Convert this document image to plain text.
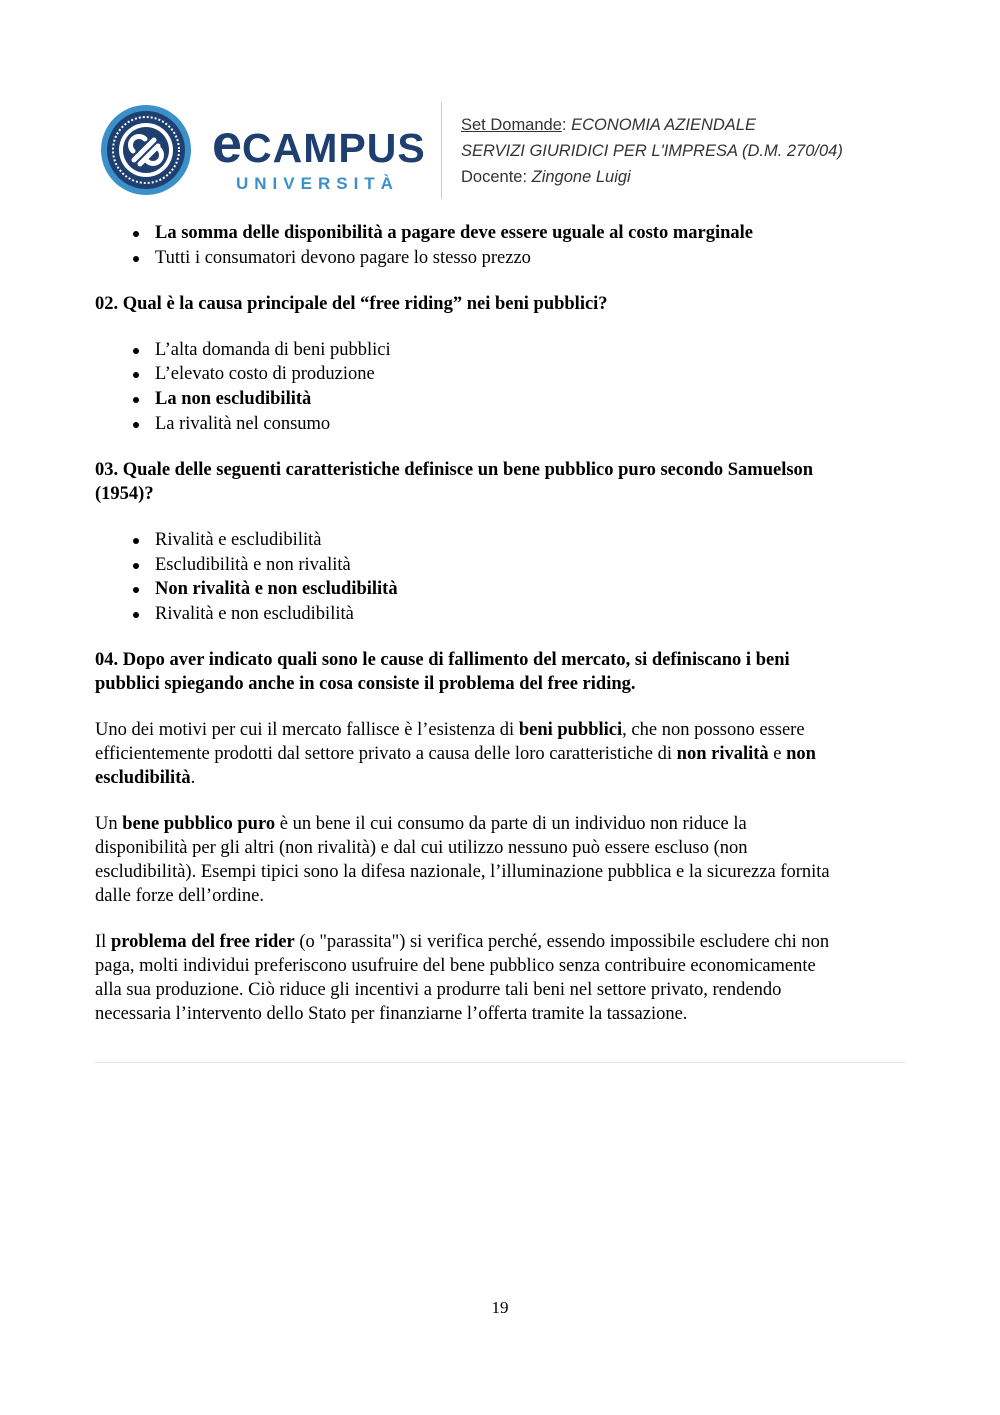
eCAMPUS
UNIVERSITÀ
Set Domande: ECONOMIA AZIENDALE
SERVIZI GIURIDICI PER L'IMPRESA (D.M. 270/04)
Docente: Zingone Luigi
La somma delle disponibilità a pagare deve essere uguale al costo marginale
Tutti i consumatori devono pagare lo stesso prezzo

02. Qual è la causa principale del “free riding” nei beni pubblici?

L’alta domanda di beni pubblici
L’elevato costo di produzione
La non escludibilità
La rivalità nel consumo

03. Quale delle seguenti caratteristiche definisce un bene pubblico puro secondo Samuelson
(1954)?

Rivalità e escludibilità
Escludibilità e non rivalità
Non rivalità e non escludibilità
Rivalità e non escludibilità

04. Dopo aver indicato quali sono le cause di fallimento del mercato, si definiscano i beni
pubblici spiegando anche in cosa consiste il problema del free riding.

Uno dei motivi per cui il mercato fallisce è l’esistenza di beni pubblici, che non possono essere
efficientemente prodotti dal settore privato a causa delle loro caratteristiche di non rivalità e non
escludibilità.

Un bene pubblico puro è un bene il cui consumo da parte di un individuo non riduce la
disponibilità per gli altri (non rivalità) e dal cui utilizzo nessuno può essere escluso (non
escludibilità). Esempi tipici sono la difesa nazionale, l’illuminazione pubblica e la sicurezza fornita
dalle forze dell’ordine.

Il problema del free rider (o "parassita") si verifica perché, essendo impossibile escludere chi non
paga, molti individui preferiscono usufruire del bene pubblico senza contribuire economicamente
alla sua produzione. Ciò riduce gli incentivi a produrre tali beni nel settore privato, rendendo
necessaria l’intervento dello Stato per finanziarne l’offerta tramite la tassazione.

19
